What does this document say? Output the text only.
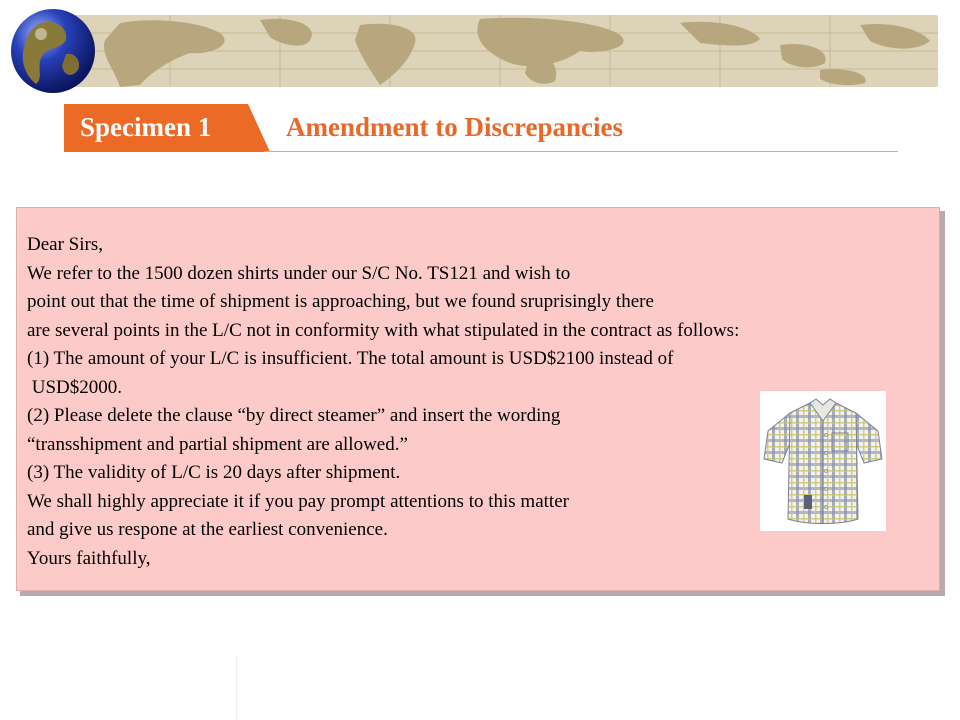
Specimen 1	Amendment to Discrepancies
Dear Sirs,
We refer to the 1500 dozen shirts under our S/C No. TS121 and wish to
point out that the time of shipment is approaching, but we found sruprisingly there
are several points in the L/C not in conformity with what stipulated in the contract as follows:
(1) The amount of your L/C is insufficient. The total amount is USD$2100 instead of
USD$2000.
(2) Please delete the clause “by direct steamer” and insert the wording
“transshipment and partial shipment are allowed.”
(3) The validity of L/C is 20 days after shipment.
We shall highly appreciate it if you pay prompt attentions to this matter
and give us respone at the earliest convenience.
Yours faithfully,
